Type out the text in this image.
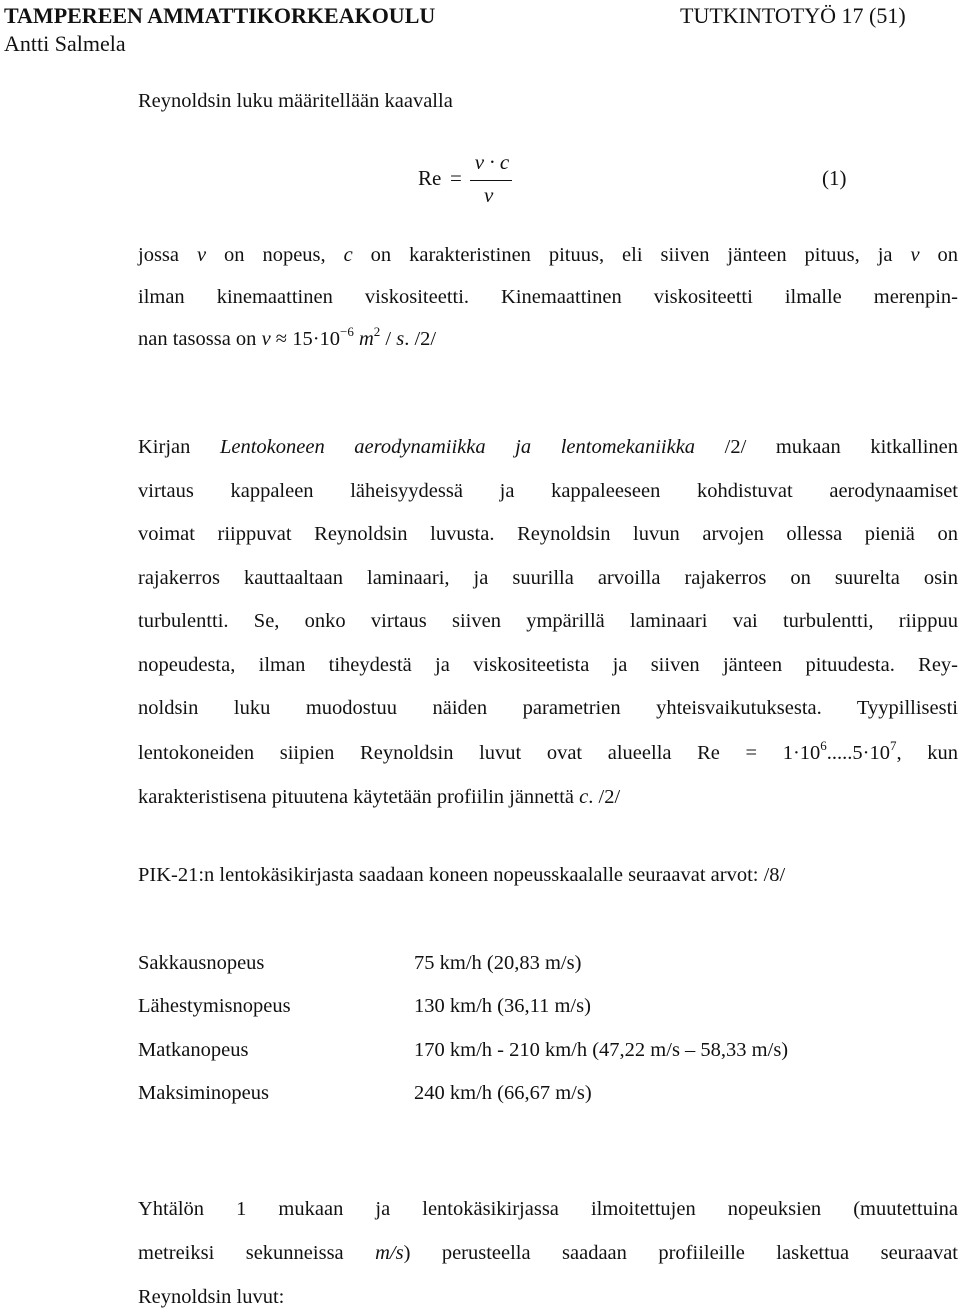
TAMPEREEN AMMATTIKORKEAKOULU	TUTKINTOTYÖ 17 (51)
Antti Salmela
Reynoldsin luku määritellään kaavalla
Re =
v · c
ν
(1)
jossa v on nopeus, c on karakteristinen pituus, eli siiven jänteen pituus, ja ν on
ilman kinemaattinen viskositeetti. Kinemaattinen viskositeetti ilmalle merenpin-
nan tasossa on $\nu \approx 15\cdot 10^{-6}$ $m^2$ / s. /2/
Kirjan Lentokoneen aerodynamiikka ja lentomekaniikka /2/ mukaan kitkallinen
virtaus kappaleen läheisyydessä ja kappaleeseen kohdistuvat aerodynaamiset
voimat riippuvat Reynoldsin luvusta. Reynoldsin luvun arvojen ollessa pieniä on
rajakerros kauttaaltaan laminaari, ja suurilla arvoilla rajakerros on suurelta osin
turbulentti. Se, onko virtaus siiven ympärillä laminaari vai turbulentti, riippuu
nopeudesta, ilman tiheydestä ja viskositeetista ja siiven jänteen pituudesta. Rey-
noldsin luku muodostuu näiden parametrien yhteisvaikutuksesta. Tyypillisesti
lentokoneiden siipien Reynoldsin luvut ovat alueella $Re = 1\cdot 10^6.....5\cdot 10^7$, kun
karakteristisena pituutena käytetään profiilin jännettä c. /2/
PIK-21:n lentokäsikirjasta saadaan koneen nopeusskaalalle seuraavat arvot: /8/
Sakkausnopeus	75 km/h (20,83 m/s)
Lähestymisnopeus	130 km/h (36,11 m/s)
Matkanopeus	170 km/h - 210 km/h (47,22 m/s – 58,33 m/s)
Maksiminopeus	240 km/h (66,67 m/s)
Yhtälön 1 mukaan ja lentokäsikirjassa ilmoitettujen nopeuksien (muutettuina
metreiksi sekunneissa m/s) perusteella saadaan profiileille laskettua seuraavat
Reynoldsin luvut:
